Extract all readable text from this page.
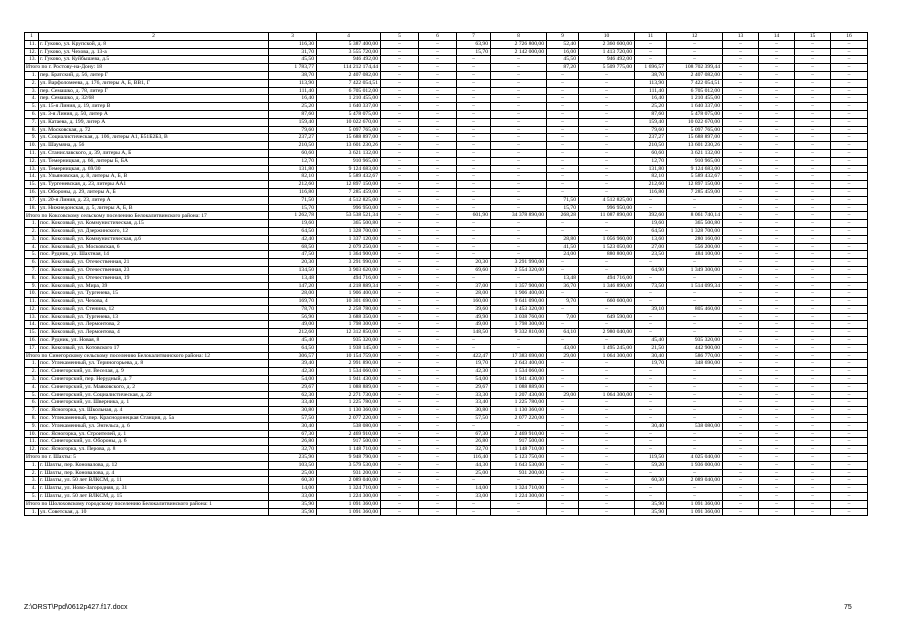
1	2	3	4	5	6	7	8	9	10	11	12	13	14	15	16
11.	г. Гуково, ул. Крупской, д. 8	116,30	5 387 400,00	–	–	63,90	2 726 800,00	52,40	2 360 600,00	–	–	–	–	–	–
12.	г. Гуково, ул. Чехова, д. 13-а	31,70	3 555 720,00	–	–	15,70	2 142 000,00	16,00	1 413 720,00	–	–	–	–	–	–
13.	г. Гуково, ул. Куйбышева, д.5	45,50	946 492,00	–	–	–	–	45,50	946 492,00	–	–	–	–	–	–
Итого по г. Ростову-на-Дону: 18		1 783,77	114 212 174,44	–	–	–	–	87,20	5 509 775,00	1 696,57	108 702 399,44	–	–	–	–
1.	пер. Братский, д. 56, литер Г	38,70	2 407 082,00	–	–	–	–	–	–	38,70	2 407 082,00	–	–	–	–
2.	ул. Варфоломеева, д. 176, литеры А, Б, ВВ1, Г	113,90	7 422 054,51	–	–	–	–	–	–	113,90	7 422 054,51	–	–	–	–
3.	пер. Семашко, д. 78, литер Г	111,40	6 705 012,00	–	–	–	–	–	–	111,40	6 705 012,00	–	–	–	–
4.	пер. Семашко, д. 32/68	16,40	1 210 455,00	–	–	–	–	–	–	16,40	1 210 455,00	–	–	–	–
5.	ул. 15-я Линия, д. 19, литер В	25,20	1 640 337,00	–	–	–	–	–	–	25,20	1 640 337,00	–	–	–	–
6.	ул. 3-я Линия, д. 50, литер А	87,60	5 478 075,00	–	–	–	–	–	–	87,60	5 478 075,00	–	–	–	–
7.	ул. Катаева, д. 199, литер А	159,40	10 022 670,00	–	–	–	–	–	–	159,40	10 022 670,00	–	–	–	–
8.	ул. Московская, д. 72	79,60	5 097 765,00	–	–	–	–	–	–	79,60	5 097 765,00	–	–	–	–
9.	ул. Социалистическая, д. 106, литеры А1, Б51Б2Б3, В	237,27	15 688 897,00	–	–	–	–	–	–	237,27	15 688 897,00	–	–	–	–
10.	ул. Шаумяна, д. 56	210,50	13 601 230,26	–	–	–	–	–	–	210,50	13 601 230,26	–	–	–	–
11.	ул. Станиславского, д. 39, литеры А, Б	60,60	3 621 132,00	–	–	–	–	–	–	60,60	3 621 132,00	–	–	–	–
12.	ул. Темерницкая, д. 66, литеры Б, БА	12,70	910 965,00	–	–	–	–	–	–	12,70	910 965,00	–	–	–	–
13.	ул. Темерницкая, д. 69/30	131,80	9 124 683,00	–	–	–	–	–	–	131,80	9 124 683,00	–	–	–	–
14.	ул. Ульяновская, д. 8, литеры А, Б, В	82,10	5 589 432,67	–	–	–	–	–	–	82,10	5 589 432,67	–	–	–	–
15.	ул. Тургеневская, д. 23, литеры АА1	212,60	12 897 150,00	–	–	–	–	–	–	212,60	12 897 150,00	–	–	–	–
16.	ул. Обороны, д. 29, литеры А, Б	116,80	7 285 459,00	–	–	–	–	–	–	116,80	7 285 459,00	–	–	–	–
17.	ул. 20-я Линия, д. 23, литер А	71,50	4 512 825,00	–	–	–	–	71,50	4 512 825,00	–	–	–	–	–	–
18.	ул. Нижнедонская, д. 5, литеры А, Б, В	15,70	996 950,00	–	–	–	–	15,70	996 950,00	–	–	–	–	–	–
Итого по Коксовскому сельскому поселению Белокалитвинского района: 17		1 262,78	53 538 521,34	–	–	601,90	34 378 890,00	268,28	11 087 890,00	392,60	8 061 740,14	–	–	–	–
1.	пос. Коксовый, ул. Коммунистическая, д.15	19,60	365 500,80	–	–	–	–	–	–	19,60	365 500,80	–	–	–	–
2.	пос. Коксовый, ул. Дзержинского, 12	64,50	1 328 700,00	–	–	–	–	–	–	64,50	1 328 700,00	–	–	–	–
3.	пос. Коксовый, ул. Коммунистическая, д.6	42,40	1 337 120,00	–	–	–	–	28,80	1 056 960,00	13,60	280 160,00	–	–	–	–
4.	пос. Коксовый, ул. Московская, 6	68,50	2 079 250,00	–	–	–	–	41,50	1 523 050,00	27,00	556 200,00	–	–	–	–
5.	пос. Рудник, ул. Шахтная, 14	47,50	1 364 900,00	–	–	–	–	24,00	880 800,00	23,50	484 100,00	–	–	–	–
6.	пос. Коксовый, ул. Отечественная, 21	20,30	3 291 990,00	–	–	20,30	3 291 990,00	–	–	–	–	–	–	–	–
7.	пос. Коксовый, ул. Отечественная, 23	134,50	3 903 620,00	–	–	69,60	2 554 320,00	–	–	64,90	1 349 300,00	–	–	–	–
8.	пос. Коксовый, ул. Отечественная, 19	13,48	494 716,00	–	–	–	–	13,48	494 716,00	–	–	–	–	–	–
9.	пос. Коксовый, ул. Мира, 39	147,20	4 218 889,34	–	–	37,00	1 357 900,00	36,70	1 346 890,00	73,50	1 514 099,34	–	–	–	–
10.	пос. Коксовый, ул. Тургенева, 15	28,00	1 906 400,00	–	–	28,00	1 906 400,00	–	–	–	–	–	–	–	–
11.	пос. Коксовый, ул. Чехова, 4	169,70	10 301 690,00	–	–	160,00	9 641 090,00	9,70	660 600,00	–	–	–	–	–	–
12.	пос. Коксовый, ул. Стенина, 12	78,70	2 258 780,00	–	–	39,60	1 453 320,00	–	–	39,10	805 460,00	–	–	–	–
13.	пос. Коксовый, ул. Тургенева, 13	56,90	3 688 350,00	–	–	49,90	3 038 760,00	7,00	649 590,00	–	–	–	–	–	–
14.	пос. Коксовый, ул. Лермонтова, 2	49,00	1 798 300,00	–	–	49,00	1 798 300,00	–	–	–	–	–	–	–	–
15.	пос. Коксовый, ул. Лермонтова, 4	212,60	12 312 850,00	–	–	148,50	9 332 810,00	64,10	2 980 040,00	–	–	–	–	–	–
16.	пос. Рудник, ул. Новая, 8	45,40	935 320,00	–	–	–	–	–	–	45,40	935 320,00	–	–	–	–
17.	пос. Коксовый, ул. Котовского 17	64,50	1 938 145,00	–	–	–	–	43,00	1 495 245,00	21,50	442 900,00	–	–	–	–
Итого по Синегорскому сельскому поселению Белокалитвинского района: 12		306,57	10 154 759,00	–	–	422,47	17 383 690,00	29,00	1 064 300,00	30,40	586 770,00	–	–	–	–
1.	пос. Углекаменный, ул. Териногорьева, д. 8	39,40	2 991 890,00	–	–	19,70	2 643 400,00	–	–	19,70	348 690,00	–	–	–	–
2.	пос. Синегорский, ул. Веселая, д. 9	42,30	1 534 060,00	–	–	42,30	1 534 060,00	–	–	–	–	–	–	–	–
3.	пос. Синегорский, пер. Нерудный, д. 7	54,00	1 941 430,00	–	–	54,00	1 941 430,00	–	–	–	–	–	–	–	–
4.	пос. Синегорский, ул. Маяковского, д. 2	29,67	1 088 889,00	–	–	29,67	1 088 889,00	–	–	–	–	–	–	–	–
5.	пос. Синегорский, ул. Социалистическая, д. 22	62,30	2 271 730,00	–	–	33,30	1 207 430,00	29,00	1 064 300,00	–	–	–	–	–	–
6.	пос. Синегорский, ул. Шверника, д. 1	33,40	1 225 780,00	–	–	33,40	1 225 780,00	–	–	–	–	–	–	–	–
7.	пос. Ясногорка, ул. Школьная, д. 4	30,80	1 130 360,00	–	–	30,80	1 130 360,00	–	–	–	–	–	–	–	–
8.	пос. Углекаменный, пер. Краснодонецкая Станция, д. 5а	57,50	2 077 220,00	–	–	57,50	2 077 220,00	–	–	–	–	–	–	–	–
9.	пос. Углекаменный, ул. Энгельса, д. 6	30,40	538 080,00	–	–	–	–	–	–	30,40	538 080,00	–	–	–	–
10.	пос. Ясногорка, ул. Строителей, д. 1	67,30	2 469 910,00	–	–	67,30	2 469 910,00	–	–	–	–	–	–	–	–
11.	пос. Синегорский, ул. Обороны, д. 6	26,80	917 500,00	–	–	26,80	917 500,00	–	–	–	–	–	–	–	–
12.	пос. Ясногорка, ул. Перова, д. 8	32,70	1 148 710,00	–	–	32,70	1 148 710,00	–	–	–	–	–	–	–	–
Итого по г. Шахты: 5		235,90	9 948 790,00	–	–	116,40	5 123 750,00	–	–	119,50	4 025 040,00	–	–	–	–
1.	г. Шахты, пер. Коновалова, д. 12	103,50	3 579 530,00	–	–	44,30	1 643 530,00	–	–	59,20	1 936 000,00	–	–	–	–
2.	г. Шахты, пер. Коновалова, д. 4	25,00	931 200,00	–	–	25,00	931 200,00	–	–	–	–	–	–	–	–
3.	г. Шахты, ул. 50 лет ВЛКСМ, д. 11	60,30	2 089 040,00	–	–	–	–	–	–	60,30	2 089 040,00	–	–	–	–
4.	г. Шахты, ул. Ново-Загородняя, д. 31	14,00	1 324 710,00	–	–	14,00	1 324 710,00	–	–	–	–	–	–	–	–
5.	г. Шахты, ул. 50 лет ВЛКСМ, д. 15	33,00	1 224 300,00	–	–	33,00	1 224 300,00	–	–	–	–	–	–	–	–
Итого по Шолоховскому городскому поселению Белокалитвинского района: 1		35,90	1 091 360,00	–	–	–	–	–	–	35,90	1 091 360,00	–	–	–	–
1.	ул. Советская, д. 10	35,90	1 091 360,00	–	–	–	–	–	–	35,90	1 091 360,00	–	–	–	–
Z:\ORST\Ppd\0612p427.f17.docx	75
